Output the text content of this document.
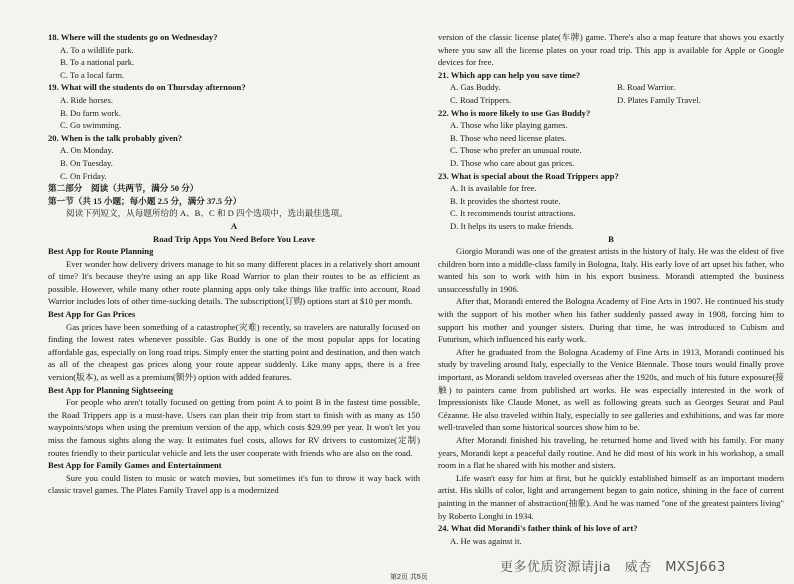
18. Where will the students go on Wednesday?
A. To a wildlife park.
B. To a national park.
C. To a local farm.
19. What will the students do on Thursday afternoon?
A. Ride horses.
B. Do farm work.
C. Go swimming.
20. When is the talk probably given?
A. On Monday.
B. On Tuesday.
C. On Friday.
第二部分　阅读（共两节，满分 50 分）
第一节（共 15 小题；每小题 2.5 分，满分 37.5 分）
阅读下列短文，从每题所给的 A、B、C 和 D 四个选项中，选出最佳选项。
A
Road Trip Apps You Need Before You Leave
Best App for Route Planning

Ever wonder how delivery drivers manage to hit so many different places in a relatively short amount of time? It's because they're using an app like Road Warrior to plan their routes to be as efficient as possible. However, while many other route planning apps only take things like traffic into account, Road Warrior includes lots of other time-sucking details. The subscription(订购) options start at $10 per month.

Best App for Gas Prices

Gas prices have been something of a catastrophe(灾难) recently, so travelers are naturally focused on finding the lowest rates whenever possible. Gas Buddy is one of the most popular apps for locating affordable gas, especially on long road trips. Simply enter the starting point and destination, and then watch as all of the cheapest gas prices along your route appear suddenly. Like many apps, there is a free version(版本), as well as a premium(额外) option with added features.

Best App for Planning Sightseeing

For people who aren't totally focused on getting from point A to point B in the fastest time possible, the Road Trippers app is a must-have. Users can plan their trip from start to finish with as many as 150 waypoints/stops when using the premium version of the app, which costs $29.99 per year. It won't let you miss the famous sights along the way. It estimates fuel costs, allows for RV drivers to customize(定制) routes friendly to their particular vehicle and lets the user cooperate with friends who are also on the road.

Best App for Family Games and Entertainment

Sure you could listen to music or watch movies, but sometimes it's fun to throw it way back with classic travel games. The Plates Family Travel app is a modernized

version of the classic license plate(车牌) game. There's also a map feature that shows you exactly where you saw all the license plates on your road trip. This app is available for Apple or Google devices for free.

21. Which app can help you save time?
A. Gas Buddy.	B. Road Warrior.
C. Road Trippers.	D. Plates Family Travel.
22. Who is more likely to use Gas Buddy?
A. Those who like playing games.
B. Those who need license plates.
C. Those who prefer an unusual route.
D. Those who care about gas prices.
23. What is special about the Road Trippers app?
A. It is available for free.
B. It provides the shortest route.
C. It recommends tourist attractions.
D. It helps its users to make friends.
B

Giorgio Morandi was one of the greatest artists in the history of Italy. He was the eldest of five children born into a middle-class family in Bologna, Italy. His early love of art upset his father, who wanted his son to work with him in his export business. Morandi attempted the business unsuccessfully in 1906.

After that, Morandi entered the Bologna Academy of Fine Arts in 1907. He continued his study with the support of his mother when his father suddenly passed away in 1908, forcing him to support his mother and younger sisters. During that time, he was introduced to Cubism and Futurism, which influenced his early work.

After he graduated from the Bologna Academy of Fine Arts in 1913, Morandi continued his study by traveling around Italy, especially to the Venice Biennale. Those tours would finally prove important, as Morandi seldom traveled overseas after the 1920s, and much of his future exposure(接触) to painters came from published art works. He was especially interested in the work of Impressionists like Claude Monet, as well as following greats such as Georges Seurat and Paul Cézanne. He also traveled within Italy, especially to see galleries and exhibitions, and was far more well-traveled than some historical sources show him to be.

After Morandi finished his traveling, he returned home and lived with his family. For many years, Morandi kept a peaceful daily routine. And he did most of his work in his workshop, a small room in a flat he shared with his mother and sisters.

Life wasn't easy for him at first, but he quickly established himself as an important modern artist. His skills of color, light and arrangement began to gain notice, shining in the face of current painting in the manner of abstraction(抽象). And he was named "one of the greatest painters living" by Roberto Longhi in 1934.

24. What did Morandi's father think of his love of art?
A. He was against it.
更多优质资源请jia　威杏　MXSJ663
第2页 共5页
